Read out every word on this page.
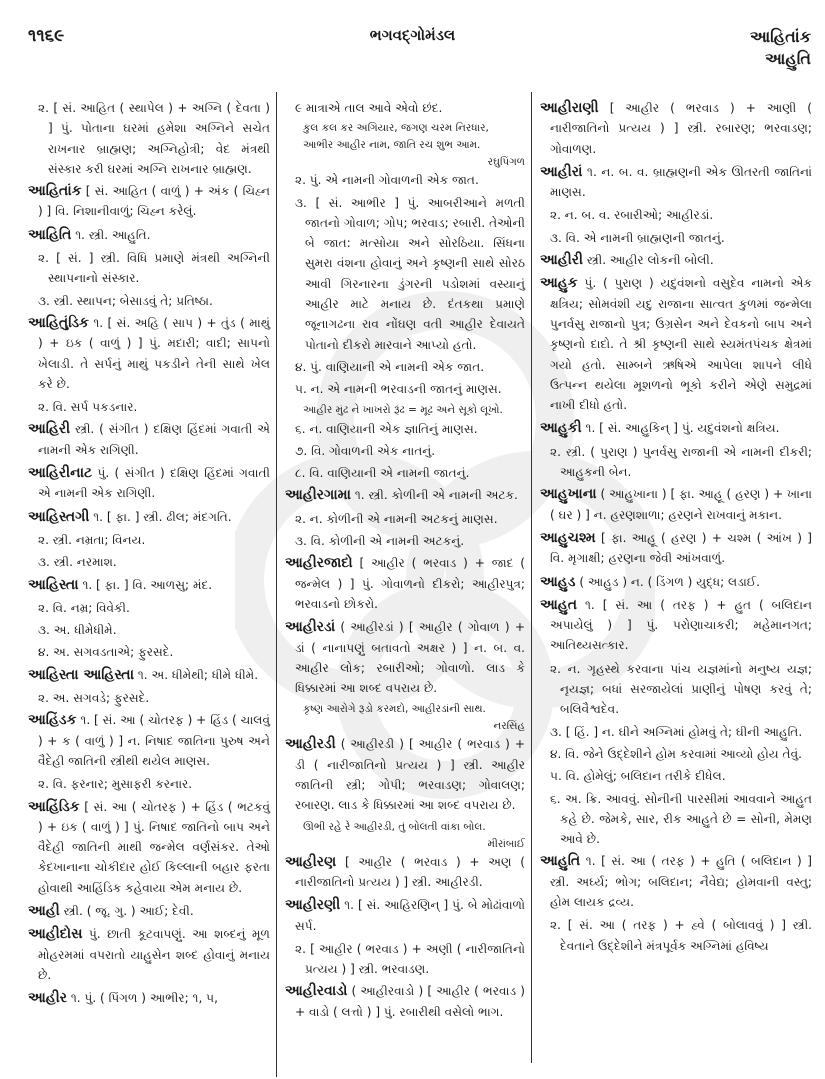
૧૧૬૯	ભગવદ્ગોમંડલ	આહિતાંક
આહુતિ
૨. [ સં. આહિત ( સ્થાપેલ ) + અગ્નિ ( દેવતા ) ] પું. પોતાના ઘરમાં હમેશા અગ્નિને સચેત રાખનાર બ્રાહ્મણ; અગ્નિહોત્રી; વેદ મંત્રથી સંસ્કાર કરી ઘરમાં અગ્નિ રાખનાર બ્રાહ્મણ.
આહિતાંક [ સં. આહિત ( વાળું ) + અંક ( ચિહ્ન ) ] વિ. નિશાનીવાળું; ચિહ્ન કરેલું.
આહિતિ ૧. સ્ત્રી. આહુતિ.
૨. [ સં. ] સ્ત્રી. વિધિ પ્રમાણે મંત્રથી અગ્નિની સ્થાપનાનો સંસ્કાર.
૩. સ્ત્રી. સ્થાપન; બેસાડવું તે; પ્રતિષ્ઠા.
આહિતુંડિક ૧. [ સં. અહિ ( સાપ ) + તુંડ ( માથું ) + ઇક ( વાળું ) ] પું. મદારી; વાદી; સાપનો ખેલાડી. તે સર્પનું માથું પકડીને તેની સાથે ખેલ કરે છે.
૨. વિ. સર્પ પકડનાર.
આહિરી સ્ત્રી. ( સંગીત ) દક્ષિણ હિંદમાં ગવાતી એ નામની એક રાગિણી.
આહિરીનાટ પું. ( સંગીત ) દક્ષિણ હિંદમાં ગવાતી એ નામની એક રાગિણી.
આહિસ્તગી ૧. [ ફા. ] સ્ત્રી. ઢીલ; મંદગતિ.
૨. સ્ત્રી. નમ્રતા; વિનય.
૩. સ્ત્રી. નરમાશ.
આહિસ્તા ૧. [ ફા. ] વિ. આળસુ; મંદ.
૨. વિ. નમ્ર; વિવેકી.
૩. અ. ધીમેધીમે.
૪. અ. સગવડતાએ; ફુરસદે.
આહિસ્તા આહિસ્તા ૧. અ. ધીમેથી; ધીમે ધીમે.
૨. અ. સગવડે; ફુરસદે.
આહિંડક ૧. [ સં. આ ( ચોતરફ ) + હિંડ ( ચાલવું ) + ક ( વાળું ) ] ન. નિષાદ જાતિના પુરુષ અને વૈદેહી જાતિની સ્ત્રીથી થયેલ માણસ.
૨. વિ. ફરનાર; મુસાફરી કરનાર.
આહિંડિક [ સં. આ ( ચોતરફ ) + હિંડ ( ભટકવું ) + ઇક ( વાળું ) ] પું. નિષાદ જાતિનો બાપ અને વૈદેહી જાતિની માથી જન્મેલ વર્ણસંકર. તેઓ કેદખાનાના ચોકીદાર હોઈ કિલ્લાની બહાર ફરતા હોવાથી આહિંડિક કહેવાયા એમ મનાય છે.
આહી સ્ત્રી. ( જૂ. ગુ. ) આઈ; દેવી.
આહીદોસ પું. છાતી કૂટવાપણું. આ શબ્દનું મૂળ મોહરમમાં વપરાતો યાહુસેન શબ્દ હોવાનું મનાય છે.
આહીર ૧. પું. ( પિંગળ ) આભીર; ૧, ૫,
૯ માત્રાએ તાલ આવે એવો છંદ.
કુલ કલ કર અગિયાર, જગણ ચરમ નિરધાર,
આભીર આહીર નામ, જાતિ રચ શુભ આમ.
રઘુપિંગળ
૨. પું. એ નામની ગોવાળની એક જાત.
૩. [ સં. આભીર ] પું. આબરીઆને મળતી જાતનો ગોવાળ; ગોપ; ભરવાડ; રબારી. તેઓની બે જાત: મત્સોયા અને સોરઠિયા. સિંધના સુમરા વંશના હોવાનું અને કૃષ્ણની સાથે સોરઠ આવી ગિરનારના ડુંગરની પડોશમાં વસ્યાનું આહીર માટે મનાય છે. દંતકથા પ્રમાણે જૂનાગઢના રાવ નોંઘણ વતી આહીર દેવાયતે પોતાનો દીકરો મારવાને આપ્યો હતો.
૪. પું. વાણિયાની એ નામની એક જાત.
૫. ન. એ નામની ભરવાડની જાતનું માણસ.
આહીર મુંઢ ને ખાખરો રૂંઢ = મૂઢ અને સૂકો લૂખો.
૬. ન. વાણિયાની એક જ્ઞાતિનું માણસ.
૭. વિ. ગોવાળની એક નાતનું.
૮. વિ. વાણિયાની એ નામની જાતનું.
આહીરગામા ૧. સ્ત્રી. કોળીની એ નામની અટક.
૨. ન. કોળીની એ નામની અટકનું માણસ.
૩. વિ. કોળીની એ નામની અટકનું.
આહીરજાદો [ આહીર ( ભરવાડ ) + જાદ ( જન્મેલ ) ] પું. ગોવાળનો દીકરો; આહીરપુત્ર; ભરવાડનો છોકરો.
આહીરડાં ( આહીરડાં ) [ આહીર ( ગોવાળ ) + ડાં ( નાનાપણું બતાવતો અક્ષર ) ] ન. બ. વ. આહીર લોક; રબારીઓ; ગોવાળો. લાડ કે ધિક્કારમાં આ શબ્દ વપરાય છે.
કૃષ્ણ આરોગે રૂડો કરમદો, આહીરડાંની સાથ.
નરસિંહ
આહીરડી ( આહીરડી ) [ આહીર ( ભરવાડ ) + ડી ( નારીજાતિનો પ્રત્યય ) ] સ્ત્રી. આહીર જાતિની સ્ત્રી; ગોપી; ભરવાડણ; ગોવાલણ; રબારણ. લાડ કે ધિક્કારમાં આ શબ્દ વપરાય છે.
ઊભી રહે રે આહીરડી, તું બોલતી વાંકા બોલ.
મીરાંબાઈ
આહીરણ [ આહીર ( ભરવાડ ) + અણ ( નારીજાતિનો પ્રત્યય ) ] સ્ત્રી. આહીરડી.
આહીરણી ૧. [ સં. આહિરણિન્ ] પું. બે મોઢાંવાળો સર્પ.
૨. [ આહીર ( ભરવાડ ) + અણી ( નારીજાતિનો પ્રત્યય ) ] સ્ત્રી. ભરવાડણ.
આહીરવાડો ( આહીરવાડો ) [ આહીર ( ભરવાડ ) + વાડો ( લત્તો ) ] પું. રબારીથી વસેલો ભાગ.
આહીરાણી [ આહીર ( ભરવાડ ) + આણી ( નારીજાતિનો પ્રત્યય ) ] સ્ત્રી. રબારણ; ભરવાડણ; ગોવાળણ.
આહીરાં ૧. ન. બ. વ. બ્રાહ્મણની એક ઊતરતી જાતિનાં માણસ.
૨. ન. બ. વ. રબારીઓ; આહીરડાં.
૩. વિ. એ નામની બ્રાહ્મણની જાતનું.
આહીરી સ્ત્રી. આહીર લોકની બોલી.
આહુક પું. ( પુરાણ ) યદુવંશનો વસુદેવ નામનો એક ક્ષત્રિય; સોમવંશી યદુ રાજાના સાત્વત કુળમાં જન્મેલા પુનર્વસુ રાજાનો પુત્ર; ઉગ્રસેન અને દેવકનો બાપ અને કૃષ્ણનો દાદો. તે શ્રી કૃષ્ણની સાથે સ્યમંતપંચક ક્ષેત્રમાં ગયો હતો. સામ્બને ઋષિએ આપેલા શાપને લીધે ઉત્પન્ન થયેલા મૂશળનો ભૂકો કરીને એણે સમુદ્રમાં નાખી દીધો હતો.
આહુકી ૧. [ સં. આહુકિન્ ] પું. યદુવંશનો ક્ષત્રિય.
૨. સ્ત્રી. ( પુરાણ ) પુનર્વસુ રાજાની એ નામની દીકરી; આહુકની બેન.
આહુખાના ( આહુખાના ) [ ફા. આહૂ ( હરણ ) + ખાના ( ઘર ) ] ન. હરણશાળા; હરણને રાખવાનું મકાન.
આહુચશ્મ [ ફા. આહૂ ( હરણ ) + ચશ્મ ( આંખ ) ] વિ. મૃગાક્ષી; હરણના જેવી આંખવાળું.
આહુડ ( આહુડ ) ન. ( ડિંગળ ) યુદ્ધ; લડાઈ.
આહુત ૧. [ સં. આ ( તરફ ) + હુત ( બલિદાન અપાયેલું ) ] પું. પરોણાચાકરી; મહેમાનગત; આતિથ્યસત્કાર.
૨. ન. ગૃહસ્થે કરવાના પાંચ યજ્ઞમાંનો મનુષ્ય યજ્ઞ; નૃયજ્ઞ; બધાં સરજાયેલાં પ્રાણીનું પોષણ કરવું તે; બલિવૈશ્વદેવ.
૩. [ હિં. ] ન. ઘીને અગ્નિમાં હોમવું તે; ઘીની આહુતિ.
૪. વિ. જેને ઉદ્દેશીને હોમ કરવામાં આવ્યો હોય તેવું.
૫. વિ. હોમેલું; બલિદાન તરીકે દીધેલ.
૬. અ. ક્રિ. આવવું. સોનીની પારસીમાં આવવાને આહુત કહે છે. જેમકે, સાર, રીક આહુતે છે = સોની, મેમણ આવે છે.
આહુતિ ૧. [ સં. આ ( તરફ ) + હુતિ ( બલિદાન ) ] સ્ત્રી. અર્ઘ્ય; ભોગ; બલિદાન; નૈવેદ્ય; હોમવાની વસ્તુ; હોમ લાયક દ્રવ્ય.
૨. [ સં. આ ( તરફ ) + હ્વે ( બોલાવવું ) ] સ્ત્રી. દેવતાને ઉદ્દેશીને મંત્રપૂર્વક અગ્નિમાં હવિષ્ય
